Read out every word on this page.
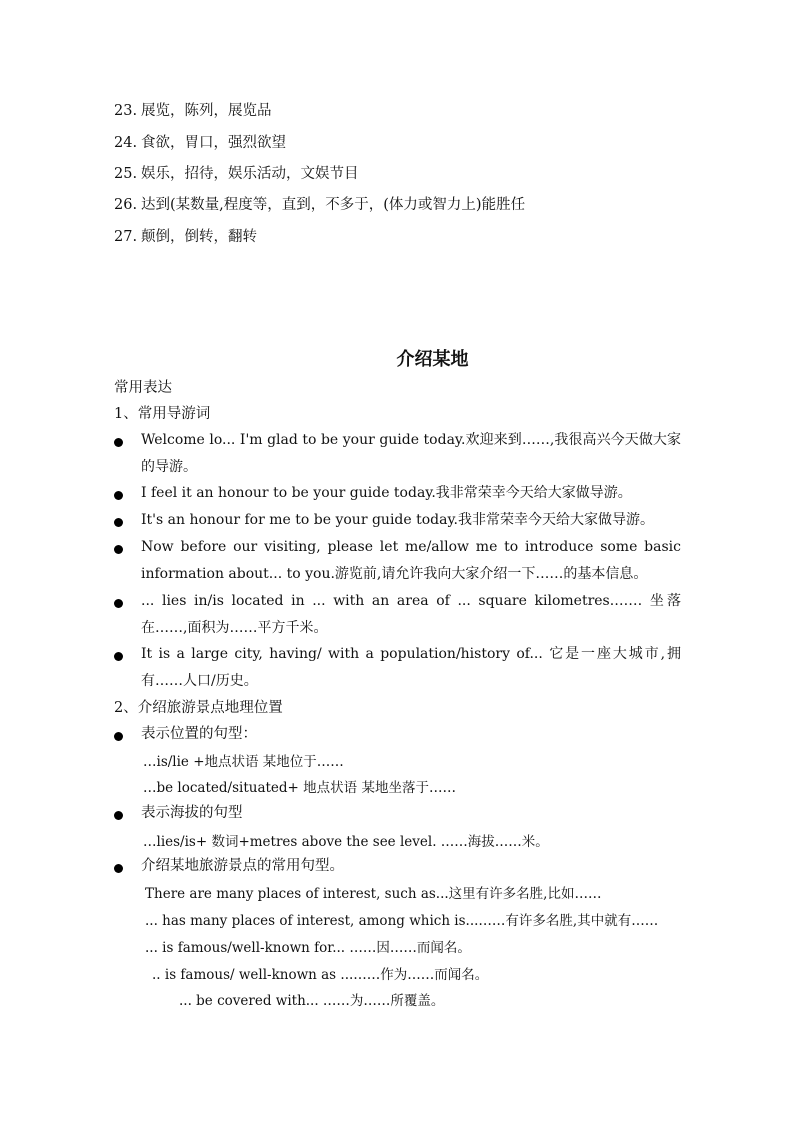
23. 展览，陈列，展览品
24. 食欲，胃口，强烈欲望
25. 娱乐，招待，娱乐活动，文娱节目
26. 达到(某数量,程度等，直到，不多于，(体力或智力上)能胜任
27. 颠倒，倒转，翻转
介绍某地
常用表达
1、常用导游词
Welcome lo... I'm glad to be your guide today.欢迎来到……,我很高兴今天做大家的导游。
I feel it an honour to be your guide today.我非常荣幸今天给大家做导游。
It's an honour for me to be your guide today.我非常荣幸今天给大家做导游。
Now before our visiting, please let me/allow me to introduce some basic information about... to you.游览前,请允许我向大家介绍一下……的基本信息。
... lies in/is located in ... with an area of ... square kilometres.…… 坐落在……,面积为……平方千米。
It is a large city, having/ with a population/history of... 它是一座大城市,拥有……人口/历史。
2、介绍旅游景点地理位置
表示位置的句型：
…is/lie +地点状语 某地位于……
…be located/situated+ 地点状语 某地坐落于……
表示海拔的句型
…lies/is+ 数词+metres above the see level. ……海拔……米。
介绍某地旅游景点的常用句型。
There are many places of interest, such as...这里有许多名胜,比如……
... has many places of interest, among which is...……有许多名胜,其中就有……
... is famous/well-known for... ……因……而闻名。
.. is famous/ well-known as ...……作为……而闻名。
... be covered with... ……为……所覆盖。
